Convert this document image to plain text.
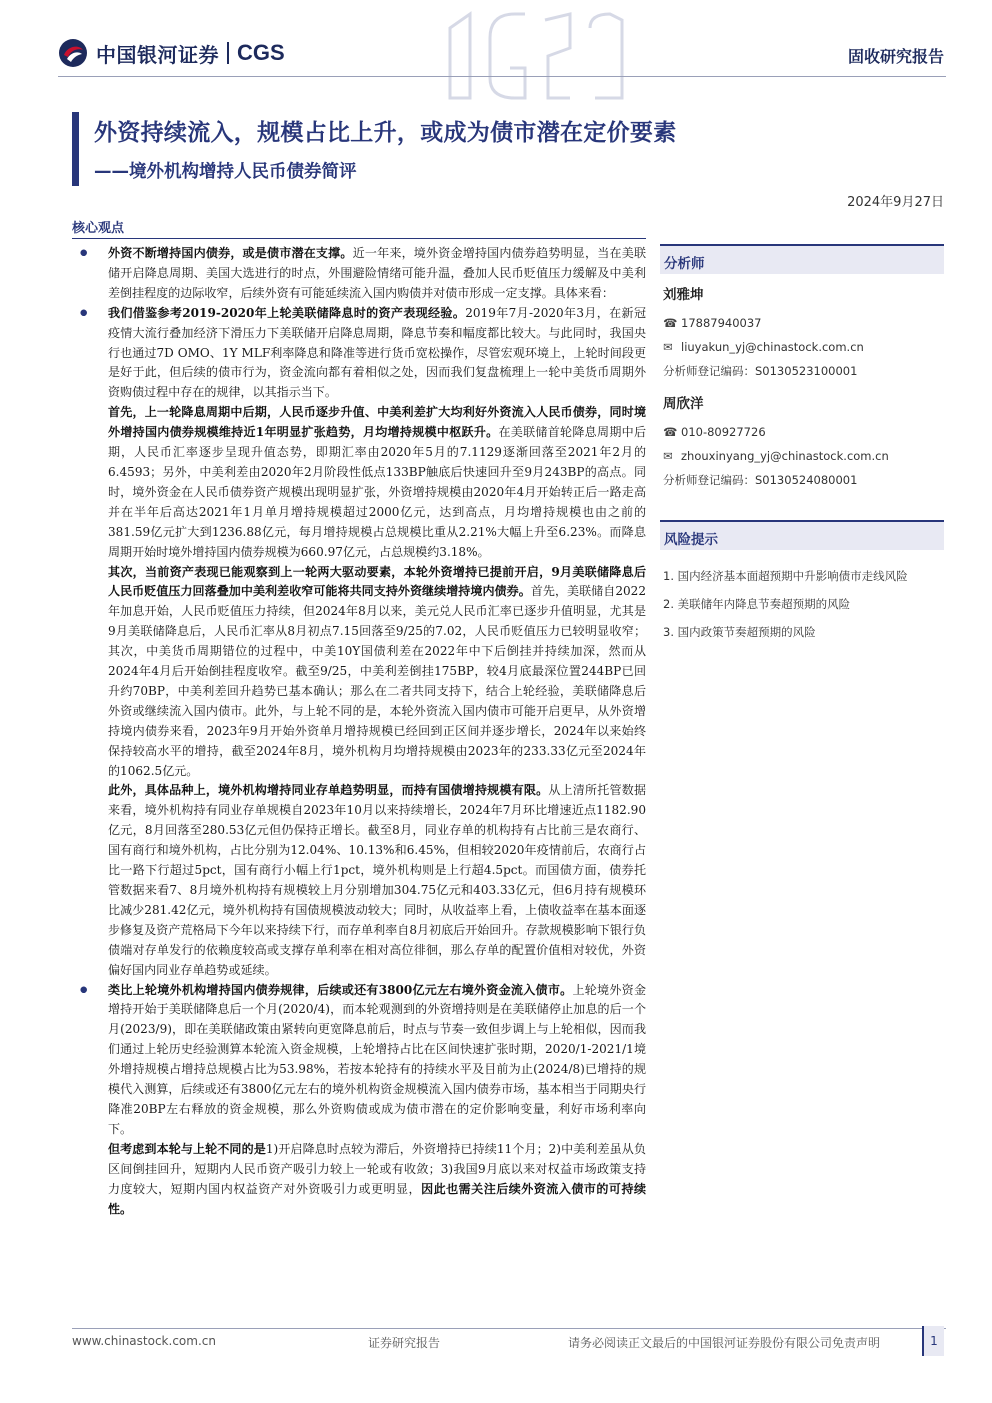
中国银河证券 CGS	固收研究报告
外资持续流入，规模占比上升，或成为债市潜在定价要素
——境外机构增持人民币债券简评
2024年9月27日
核心观点

● 外资不断增持国内债券，或是债市潜在支撑。近一年来，境外资金增持国内债券趋势明显，当在美联储开启降息周期、美国大选进行的时点，外围避险情绪可能升温，叠加人民币贬值压力缓解及中美利差倒挂程度的边际收窄，后续外资有可能延续流入国内购债并对债市形成一定支撑。具体来看：

● 我们借鉴参考2019-2020年上轮美联储降息时的资产表现经验。2019年7月-2020年3月，在新冠疫情大流行叠加经济下滑压力下美联储开启降息周期，降息节奏和幅度都比较大。与此同时，我国央行也通过7D OMO、1Y MLF利率降息和降准等进行货币宽松操作，尽管宏观环境上，上轮时间段更是好于此，但后续的债市行为，资金流向都有着相似之处，因而我们复盘梳理上一轮中美货币周期外资购债过程中存在的规律，以其指示当下。

首先，上一轮降息周期中后期，人民币逐步升值、中美利差扩大均利好外资流入人民币债券，同时境外增持国内债券规模维持近1年明显扩张趋势，月均增持规模中枢跃升。在美联储首轮降息周期中后期，人民币汇率逐步呈现升值态势，即期汇率由2020年5月的7.1129逐渐回落至2021年2月的6.4593；另外，中美利差由2020年2月阶段性低点133BP触底后快速回升至9月243BP的高点。同时，境外资金在人民币债券资产规模出现明显扩张，外资增持规模由2020年4月开始转正后一路走高并在半年后高达2021年1月单月增持规模超过2000亿元，达到高点，月均增持规模也由之前的381.59亿元扩大到1236.88亿元，每月增持规模占总规模比重从2.21%大幅上升至6.23%。而降息周期开始时境外增持国内债券规模为660.97亿元，占总规模约3.18%。

其次，当前资产表现已能观察到上一轮两大驱动要素，本轮外资增持已提前开启，9月美联储降息后人民币贬值压力回落叠加中美利差收窄可能将共同支持外资继续增持境内债券。首先，美联储自2022年加息开始，人民币贬值压力持续，但2024年8月以来，美元兑人民币汇率已逐步升值明显，尤其是9月美联储降息后，人民币汇率从8月初点7.15回落至9/25的7.02，人民币贬值压力已较明显收窄；其次，中美货币周期错位的过程中，中美10Y国债利差在2022年中下后倒挂并持续加深，然而从2024年4月后开始倒挂程度收窄。截至9/25，中美利差倒挂175BP，较4月底最深位置244BP已回升约70BP，中美利差回升趋势已基本确认；那么在二者共同支持下，结合上轮经验，美联储降息后外资或继续流入国内债市。此外，与上轮不同的是，本轮外资流入国内债市可能开启更早，从外资增持境内债券来看，2023年9月开始外资单月增持规模已经回到正区间并逐步增长，2024年以来始终保持较高水平的增持，截至2024年8月，境外机构月均增持规模由2023年的233.33亿元至2024年的1062.5亿元。

此外，具体品种上，境外机构增持同业存单趋势明显，而持有国债增持规模有限。从上清所托管数据来看，境外机构持有同业存单规模自2023年10月以来持续增长，2024年7月环比增速近点1182.90亿元，8月回落至280.53亿元但仍保持正增长。截至8月，同业存单的机构持有占比前三是农商行、国有商行和境外机构，占比分别为12.04%、10.13%和6.45%，但相较2020年疫情前后，农商行占比一路下行超过5pct，国有商行小幅上行1pct，境外机构则是上行超4.5pct。而国债方面，债券托管数据来看7、8月境外机构持有规模较上月分别增加304.75亿元和403.33亿元，但6月持有规模环比减少281.42亿元，境外机构持有国债规模波动较大；同时，从收益率上看，上债收益率在基本面逐步修复及资产荒格局下今年以来持续下行，而存单利率自8月初底后开始回升。存款规模影响下银行负债端对存单发行的依赖度较高或支撑存单利率在相对高位徘徊，那么存单的配置价值相对较优，外资偏好国内同业存单趋势或延续。

● 类比上轮境外机构增持国内债券规律，后续或还有3800亿元左右境外资金流入债市。上轮境外资金增持开始于美联储降息后一个月(2020/4)，而本轮观测到的外资增持则是在美联储停止加息的后一个月(2023/9)，即在美联储政策由紧转向更宽降息前后，时点与节奏一致但步调上与上轮相似，因而我们通过上轮历史经验测算本轮流入资金规模，上轮增持占比在区间快速扩张时期，2020/1-2021/1境外增持规模占增持总规模占比为53.98%，若按本轮持有的持续水平及目前为止(2024/8)已增持的规模代入测算，后续或还有3800亿元左右的境外机构资金规模流入国内债券市场，基本相当于同期央行降准20BP左右释放的资金规模，那么外资购债或成为债市潜在的定价影响变量，利好市场利率向下。

但考虑到本轮与上轮不同的是1)开启降息时点较为滞后，外资增持已持续11个月；2)中美利差虽从负区间倒挂回升，短期内人民币资产吸引力较上一轮或有收敛；3)我国9月底以来对权益市场政策支持力度较大，短期内国内权益资产对外资吸引力或更明显，因此也需关注后续外资流入债市的可持续性。

分析师
刘雅坤
☎ 17887940037
✉ liuyakun_yj@chinastock.com.cn
分析师登记编码：S0130523100001
周欣洋
☎ 010-80927726
✉ zhouxinyang_yj@chinastock.com.cn
分析师登记编码：S0130524080001
风险提示
1. 国内经济基本面超预期中升影响债市走线风险
2. 美联储年内降息节奏超预期的风险
3. 国内政策节奏超预期的风险
www.chinastock.com.cn	证券研究报告	请务必阅读正文最后的中国银河证券股份有限公司免责声明	1
